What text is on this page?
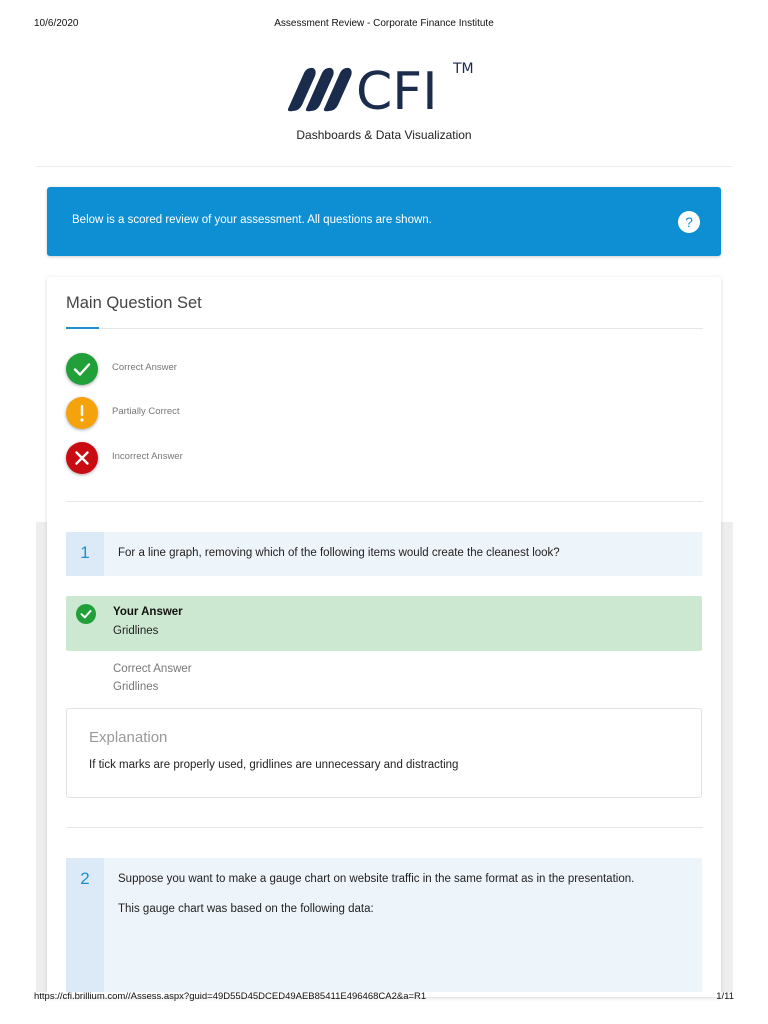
10/6/2020	Assessment Review - Corporate Finance Institute
CFI TM
Dashboards & Data Visualization
Below is a scored review of your assessment. All questions are shown.	?
Main Question Set
Correct Answer
Partially Correct
Incorrect Answer
1	For a line graph, removing which of the following items would create the cleanest look?
Your Answer
Gridlines
Correct Answer
Gridlines
Explanation
If tick marks are properly used, gridlines are unnecessary and distracting
2	Suppose you want to make a gauge chart on website traffic in the same format as in the presentation.
This gauge chart was based on the following data:
https://cfi.brillium.com//Assess.aspx?guid=49D55D45DCED49AEB85411E496468CA2&a=R1	1/11
